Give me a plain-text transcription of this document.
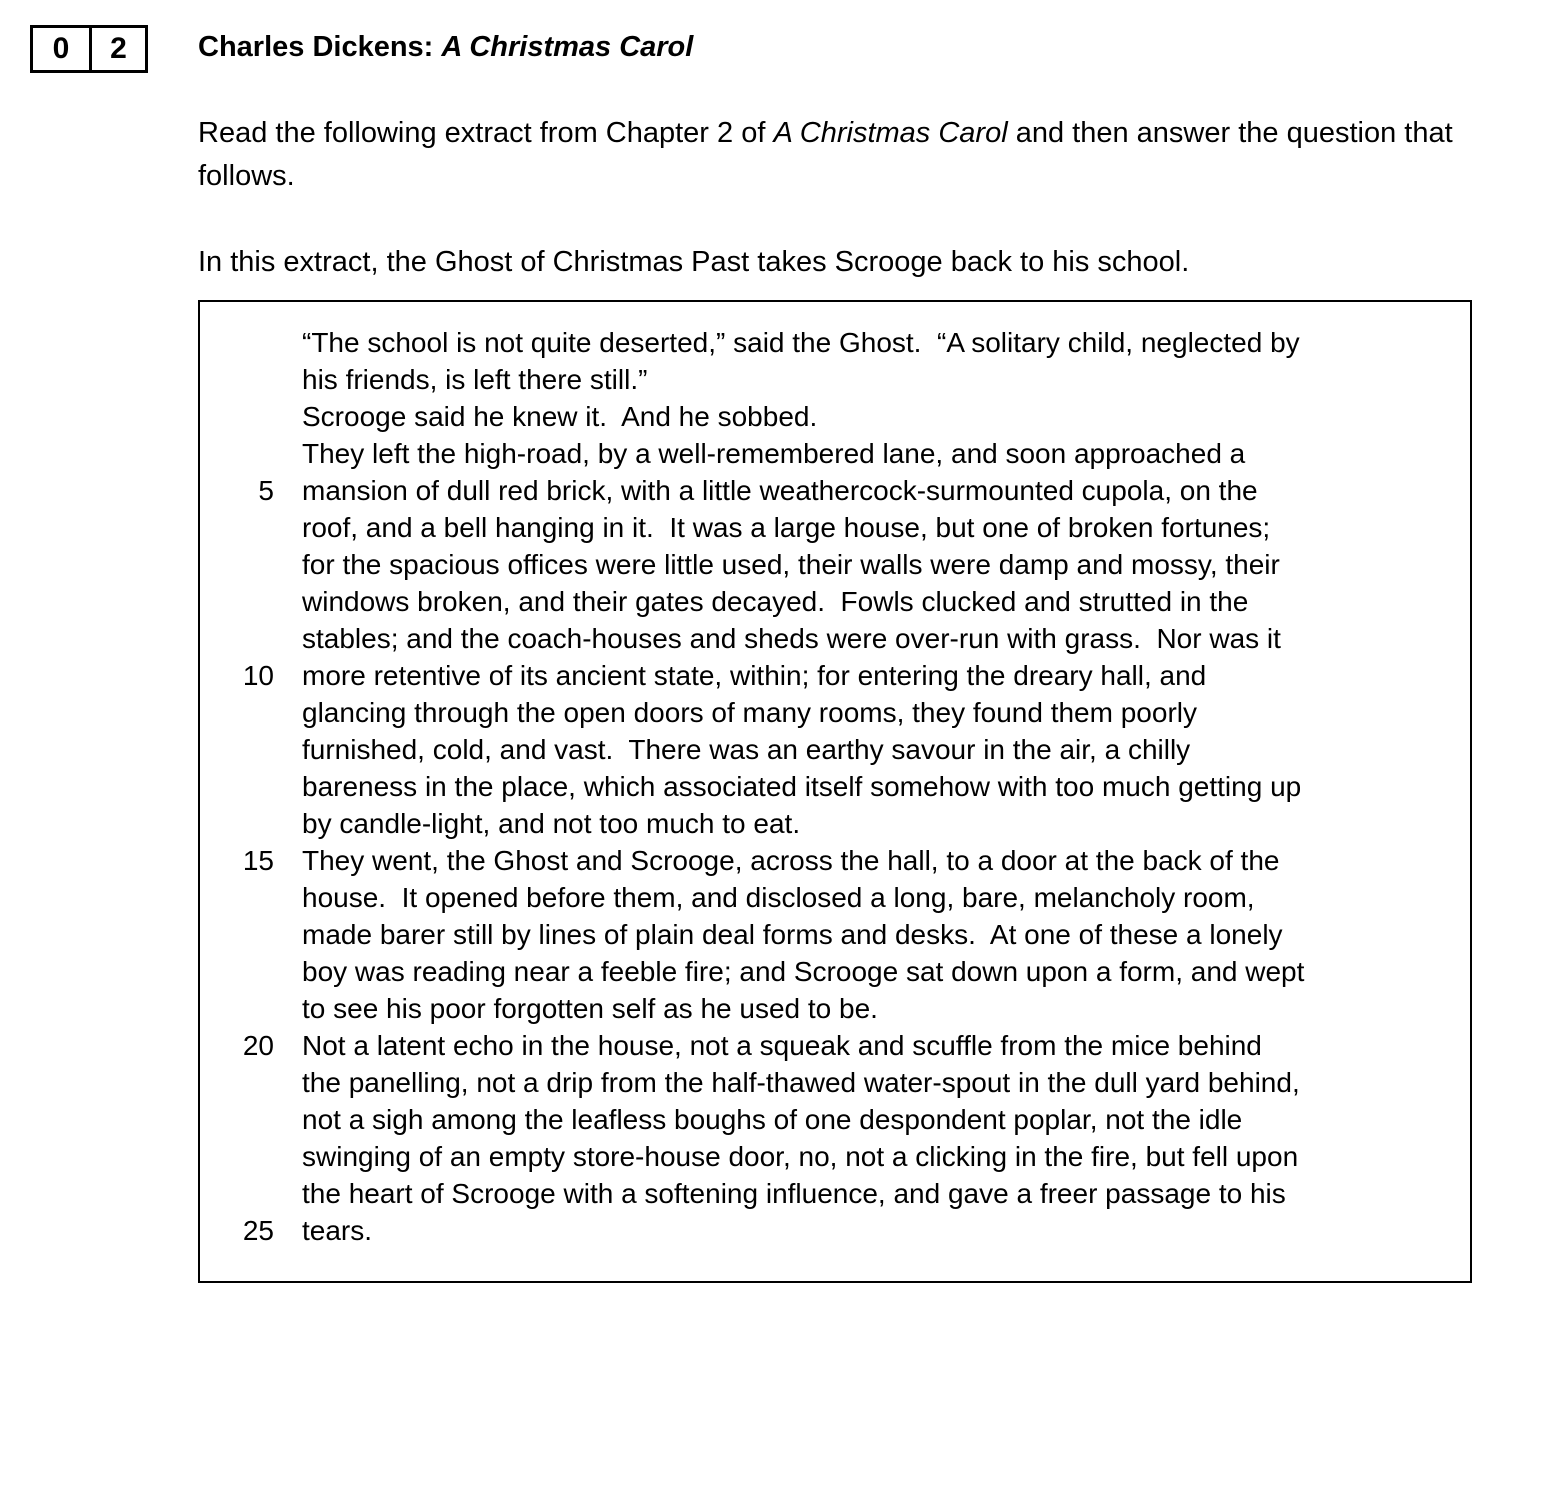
0	2	Charles Dickens: A Christmas Carol

Read the following extract from Chapter 2 of A Christmas Carol and then answer the question that follows.

In this extract, the Ghost of Christmas Past takes Scrooge back to his school.

“The school is not quite deserted,” said the Ghost.  “A solitary child, neglected by
his friends, is left there still.”
Scrooge said he knew it.  And he sobbed.
They left the high-road, by a well-remembered lane, and soon approached a
5 mansion of dull red brick, with a little weathercock-surmounted cupola, on the
roof, and a bell hanging in it.  It was a large house, but one of broken fortunes;
for the spacious offices were little used, their walls were damp and mossy, their
windows broken, and their gates decayed.  Fowls clucked and strutted in the
stables; and the coach-houses and sheds were over-run with grass.  Nor was it
10 more retentive of its ancient state, within; for entering the dreary hall, and
glancing through the open doors of many rooms, they found them poorly
furnished, cold, and vast.  There was an earthy savour in the air, a chilly
bareness in the place, which associated itself somehow with too much getting up
by candle-light, and not too much to eat.
15 They went, the Ghost and Scrooge, across the hall, to a door at the back of the
house.  It opened before them, and disclosed a long, bare, melancholy room,
made barer still by lines of plain deal forms and desks.  At one of these a lonely
boy was reading near a feeble fire; and Scrooge sat down upon a form, and wept
to see his poor forgotten self as he used to be.
20 Not a latent echo in the house, not a squeak and scuffle from the mice behind
the panelling, not a drip from the half-thawed water-spout in the dull yard behind,
not a sigh among the leafless boughs of one despondent poplar, not the idle
swinging of an empty store-house door, no, not a clicking in the fire, but fell upon
the heart of Scrooge with a softening influence, and gave a freer passage to his
25 tears.
